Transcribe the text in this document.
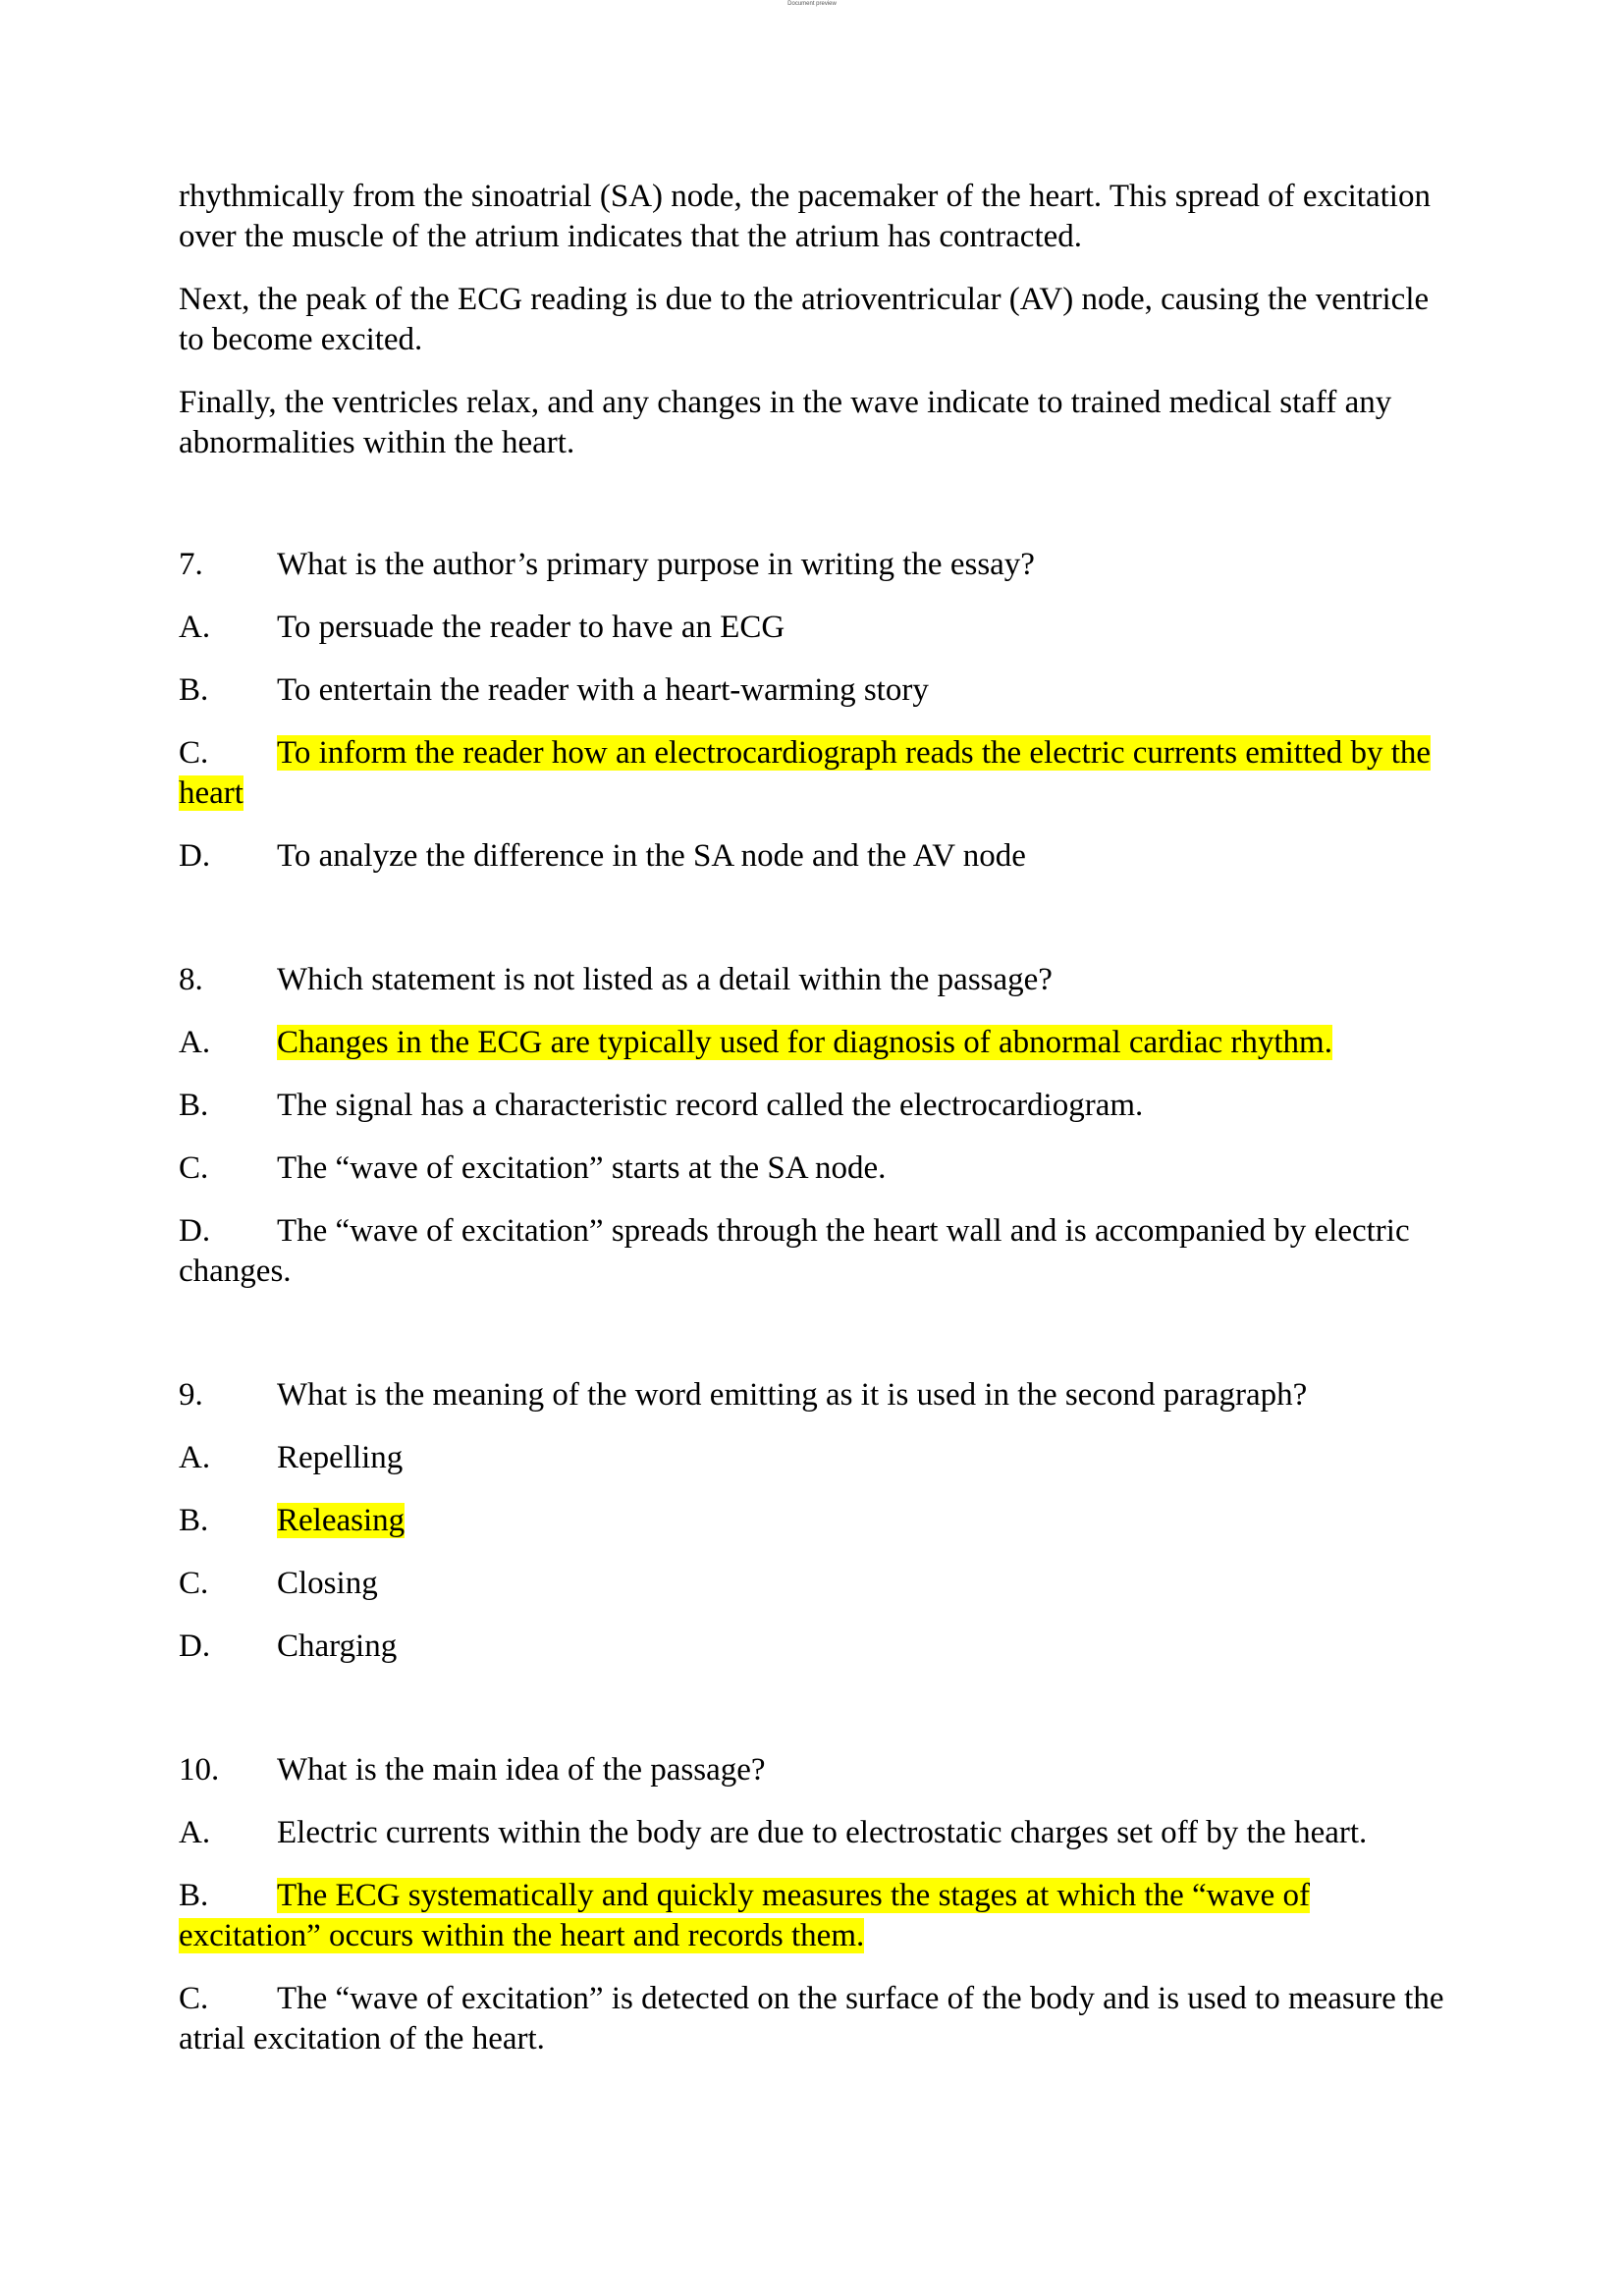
Document preview

rhythmically from the sinoatrial (SA) node, the pacemaker of the heart. This spread of excitation over the muscle of the atrium indicates that the atrium has contracted.

Next, the peak of the ECG reading is due to the atrioventricular (AV) node, causing the ventricle to become excited.

Finally, the ventricles relax, and any changes in the wave indicate to trained medical staff any abnormalities within the heart.

7. What is the author’s primary purpose in writing the essay?
A. To persuade the reader to have an ECG
B. To entertain the reader with a heart-warming story
C. To inform the reader how an electrocardiograph reads the electric currents emitted by the heart
D. To analyze the difference in the SA node and the AV node
8. Which statement is not listed as a detail within the passage?
A. Changes in the ECG are typically used for diagnosis of abnormal cardiac rhythm.
B. The signal has a characteristic record called the electrocardiogram.
C. The “wave of excitation” starts at the SA node.
D. The “wave of excitation” spreads through the heart wall and is accompanied by electric changes.
9. What is the meaning of the word emitting as it is used in the second paragraph?
A. Repelling
B. Releasing
C. Closing
D. Charging
10. What is the main idea of the passage?
A. Electric currents within the body are due to electrostatic charges set off by the heart.
B. The ECG systematically and quickly measures the stages at which the “wave of excitation” occurs within the heart and records them.
C. The “wave of excitation” is detected on the surface of the body and is used to measure the atrial excitation of the heart.
